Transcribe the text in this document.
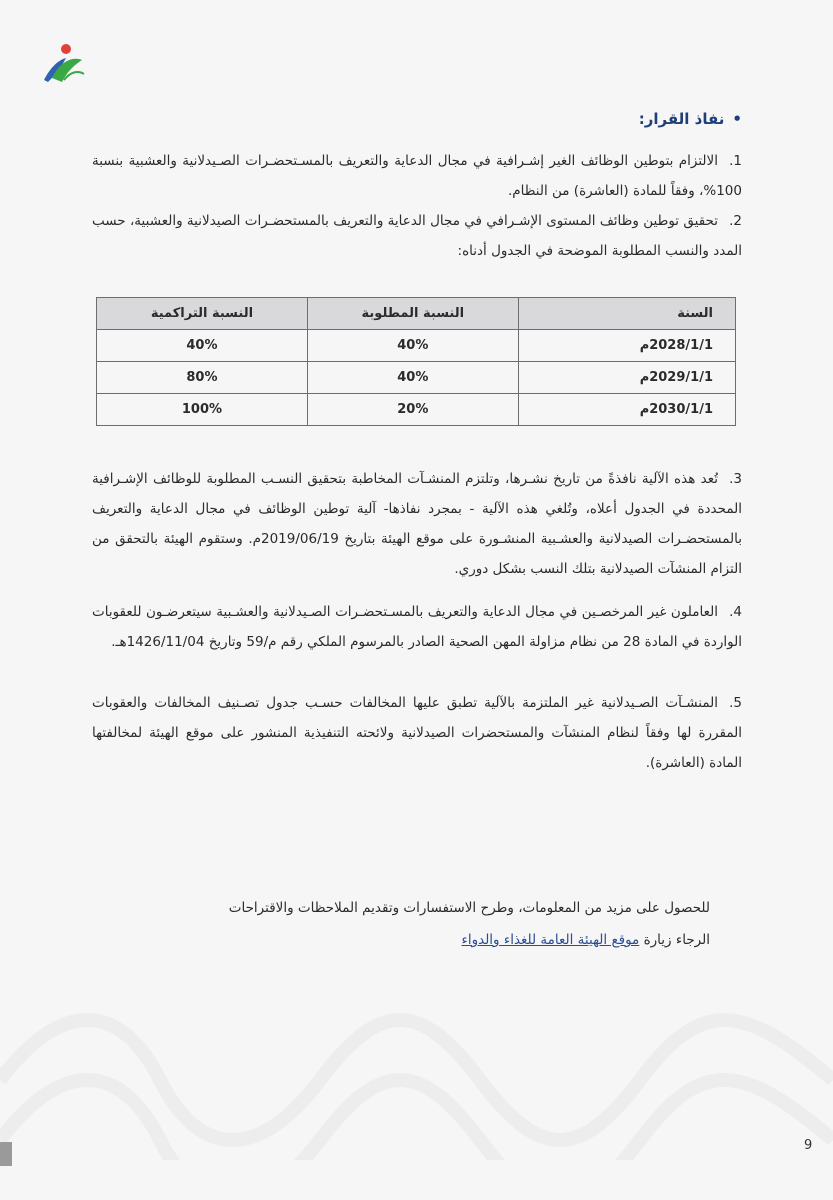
•نفاذ القرار:
1.الالتزام بتوطين الوظائف الغير إشـرافية في مجال الدعاية والتعريف بالمسـتحضـرات الصـيدلانية والعشبية بنسبة 100%، وفقاً للمادة (العاشرة) من النظام.
2.تحقيق توطين وظائف المستوى الإشـرافي في مجال الدعاية والتعريف بالمستحضـرات الصيدلانية والعشبية، حسب المدد والنسب المطلوبة الموضحة في الجدول أدناه:
السنة	النسبة المطلوبة	النسبة التراكمية
2028/1/1م	40%	40%
2029/1/1م	40%	80%
2030/1/1م	20%	100%
3.تُعد هذه الآلية نافذةً من تاريخ نشـرها، وتلتزم المنشـآت المخاطبة بتحقيق النسـب المطلوبة للوظائف الإشـرافية المحددة في الجدول أعلاه، وتُلغي هذه الآلية - بمجرد نفاذها- آلية توطين الوظائف في مجال الدعاية والتعريف بالمستحضـرات الصيدلانية والعشـبية المنشـورة على موقع الهيئة بتاريخ 2019/06/19م. وستقوم الهيئة بالتحقق من التزام المنشآت الصيدلانية بتلك النسب بشكل دوري.
4.العاملون غير المرخصـين في مجال الدعاية والتعريف بالمسـتحضـرات الصـيدلانية والعشـبية سيتعرضـون للعقوبات الواردة في المادة 28 من نظام مزاولة المهن الصحية الصادر بالمرسوم الملكي رقم م/59 وتاريخ 1426/11/04هـ.
5.المنشـآت الصـيدلانية غير الملتزمة بالآلية تطبق عليها المخالفات حسـب جدول تصـنيف المخالفات والعقوبات المقررة لها وفقاً لنظام المنشآت والمستحضرات الصيدلانية ولائحته التنفيذية المنشور على موقع الهيئة لمخالفتها المادة (العاشرة).
للحصول على مزيد من المعلومات، وطرح الاستفسارات وتقديم الملاحظات والاقتراحات
الرجاء زيارة موقع الهيئة العامة للغذاء والدواء
9
